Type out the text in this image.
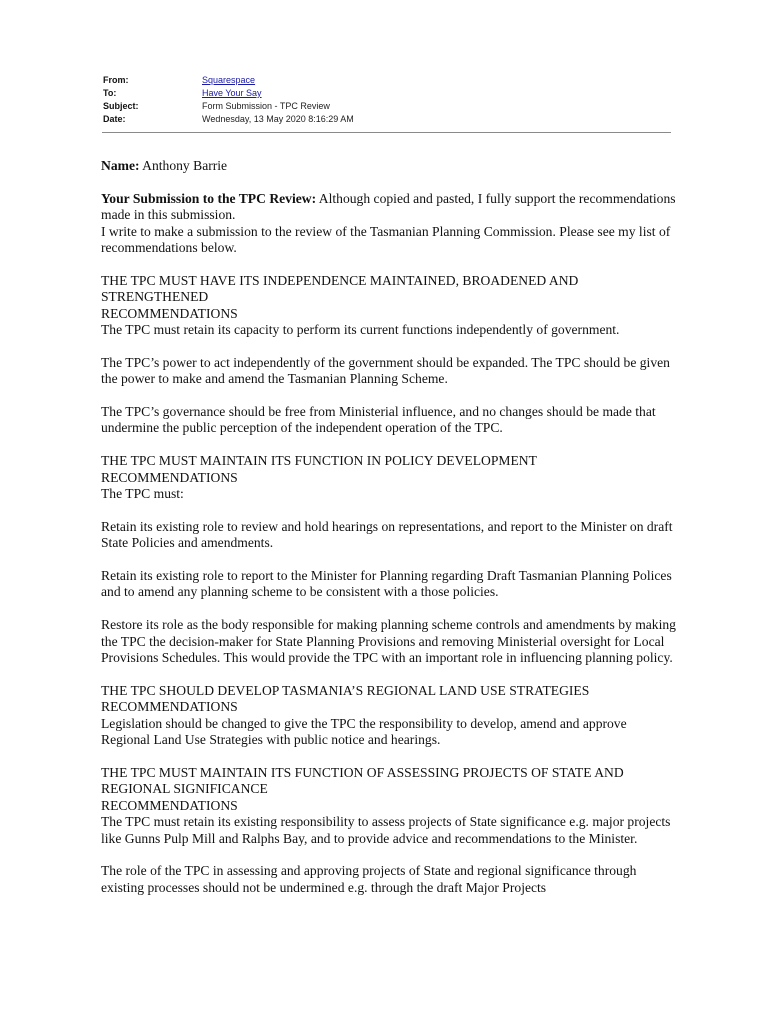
From:	Squarespace
To:	Have Your Say
Subject:	Form Submission - TPC Review
Date:	Wednesday, 13 May 2020 8:16:29 AM

Name: Anthony Barrie

Your Submission to the TPC Review: Although copied and pasted, I fully support the recommendations made in this submission.
I write to make a submission to the review of the Tasmanian Planning Commission. Please see my list of recommendations below.

THE TPC MUST HAVE ITS INDEPENDENCE MAINTAINED, BROADENED AND STRENGTHENED
RECOMMENDATIONS
The TPC must retain its capacity to perform its current functions independently of government.

The TPC’s power to act independently of the government should be expanded. The TPC should be given the power to make and amend the Tasmanian Planning Scheme.

The TPC’s governance should be free from Ministerial influence, and no changes should be made that undermine the public perception of the independent operation of the TPC.

THE TPC MUST MAINTAIN ITS FUNCTION IN POLICY DEVELOPMENT
RECOMMENDATIONS
The TPC must:

Retain its existing role to review and hold hearings on representations, and report to the Minister on draft State Policies and amendments.

Retain its existing role to report to the Minister for Planning regarding Draft Tasmanian Planning Polices and to amend any planning scheme to be consistent with a those policies.

Restore its role as the body responsible for making planning scheme controls and amendments by making the TPC the decision-maker for State Planning Provisions and removing Ministerial oversight for Local Provisions Schedules. This would provide the TPC with an important role in influencing planning policy.

THE TPC SHOULD DEVELOP TASMANIA’S REGIONAL LAND USE STRATEGIES
RECOMMENDATIONS
Legislation should be changed to give the TPC the responsibility to develop, amend and approve Regional Land Use Strategies with public notice and hearings.

THE TPC MUST MAINTAIN ITS FUNCTION OF ASSESSING PROJECTS OF STATE AND REGIONAL SIGNIFICANCE
RECOMMENDATIONS
The TPC must retain its existing responsibility to assess projects of State significance e.g. major projects like Gunns Pulp Mill and Ralphs Bay, and to provide advice and recommendations to the Minister.

The role of the TPC in assessing and approving projects of State and regional significance through existing processes should not be undermined e.g. through the draft Major Projects
